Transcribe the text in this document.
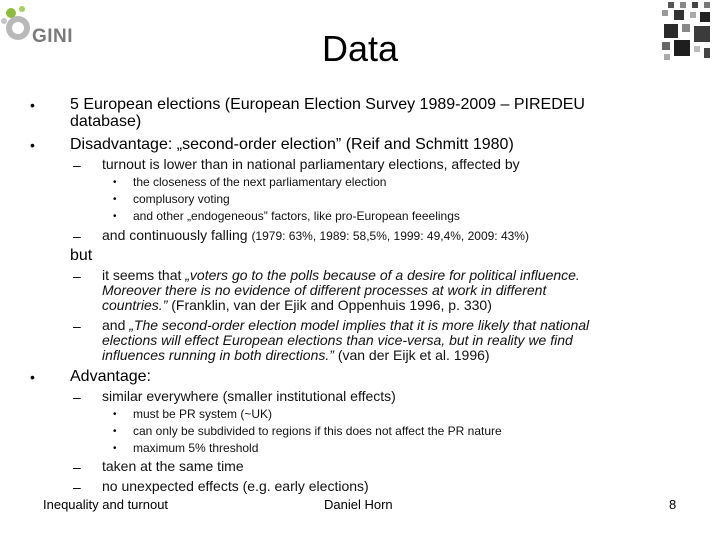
GINI	Data
• 5 European elections (European Election Survey 1989-2009 – PIREDEU
database)
• Disadvantage: „second-order election” (Reif and Schmitt 1980)
– turnout is lower than in national parliamentary elections, affected by
• the closeness of the next parliamentary election
• complusory voting
• and other „endogeneous” factors, like pro-European feeelings
– and continuously falling (1979: 63%, 1989: 58,5%, 1999: 49,4%, 2009: 43%)
but
– it seems that „voters go to the polls because of a desire for political influence.
Moreover there is no evidence of different processes at work in different
countries.” (Franklin, van der Ejik and Oppenhuis 1996, p. 330)
– and „The second-order election model implies that it is more likely that national
elections will effect European elections than vice-versa, but in reality we find
influences running in both directions.” (van der Eijk et al. 1996)
• Advantage:
– similar everywhere (smaller institutional effects)
• must be PR system (~UK)
• can only be subdivided to regions if this does not affect the PR nature
• maximum 5% threshold
– taken at the same time
– no unexpected effects (e.g. early elections)
Inequality and turnout	Daniel Horn	8
